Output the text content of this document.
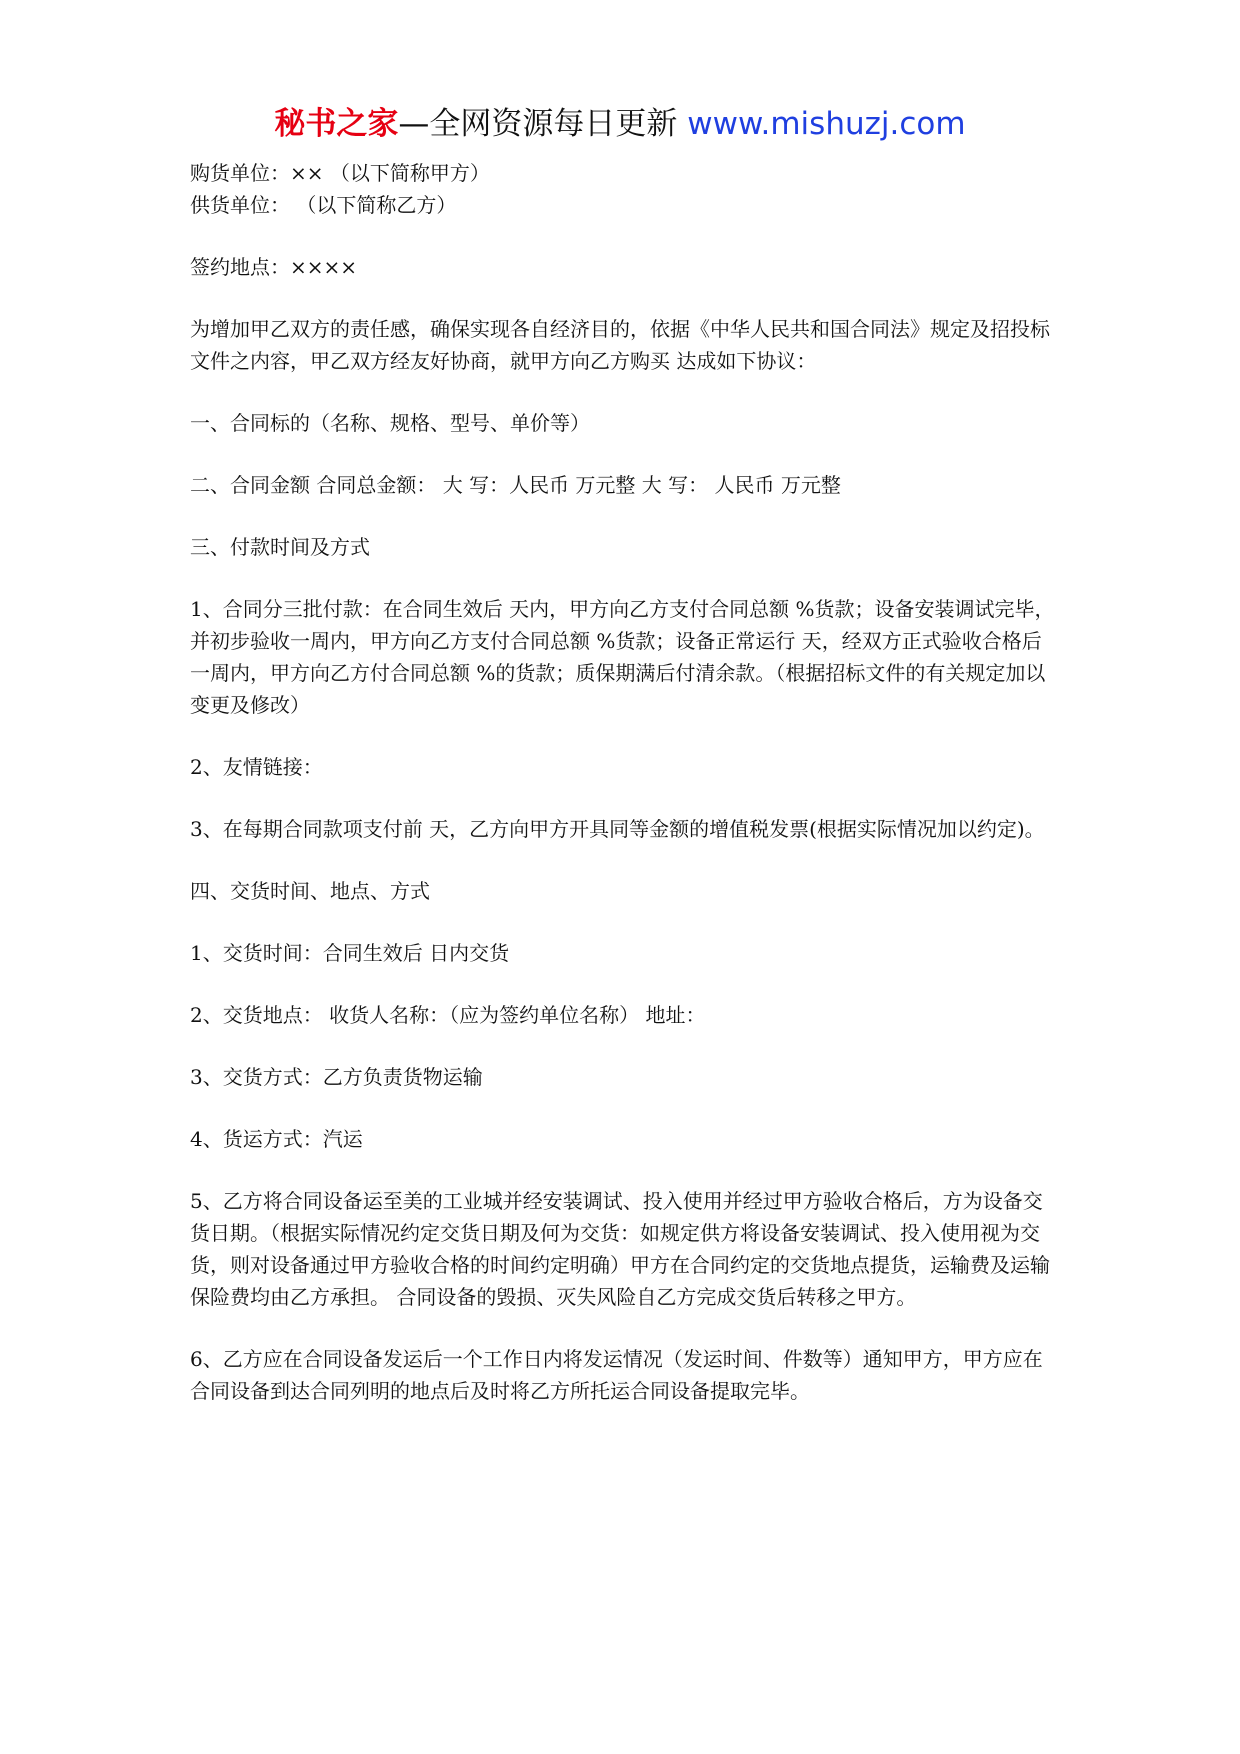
秘书之家—全网资源每日更新 www.mishuzj.com

购货单位：×× （以下简称甲方）

供货单位： （以下简称乙方）

签约地点：××××

为增加甲乙双方的责任感，确保实现各自经济目的，依据《中华人民共和国合同法》规定及招投标文件之内容，甲乙双方经友好协商，就甲方向乙方购买 达成如下协议：

一、合同标的（名称、规格、型号、单价等）

二、合同金额 合同总金额： 大 写：人民币 万元整 大 写： 人民币 万元整

三、付款时间及方式

1、合同分三批付款：在合同生效后 天内，甲方向乙方支付合同总额 %货款；设备安装调试完毕，并初步验收一周内，甲方向乙方支付合同总额 %货款；设备正常运行 天，经双方正式验收合格后一周内，甲方向乙方付合同总额 %的货款；质保期满后付清余款。（根据招标文件的有关规定加以变更及修改）

2、友情链接：

3、在每期合同款项支付前 天，乙方向甲方开具同等金额的增值税发票(根据实际情况加以约定)。

四、交货时间、地点、方式

1、交货时间：合同生效后 日内交货

2、交货地点： 收货人名称：（应为签约单位名称） 地址：

3、交货方式：乙方负责货物运输

4、货运方式：汽运

5、乙方将合同设备运至美的工业城并经安装调试、投入使用并经过甲方验收合格后，方为设备交货日期。（根据实际情况约定交货日期及何为交货：如规定供方将设备安装调试、投入使用视为交货，则对设备通过甲方验收合格的时间约定明确）甲方在合同约定的交货地点提货，运输费及运输保险费均由乙方承担。 合同设备的毁损、灭失风险自乙方完成交货后转移之甲方。

6、乙方应在合同设备发运后一个工作日内将发运情况（发运时间、件数等）通知甲方，甲方应在合同设备到达合同列明的地点后及时将乙方所托运合同设备提取完毕。
